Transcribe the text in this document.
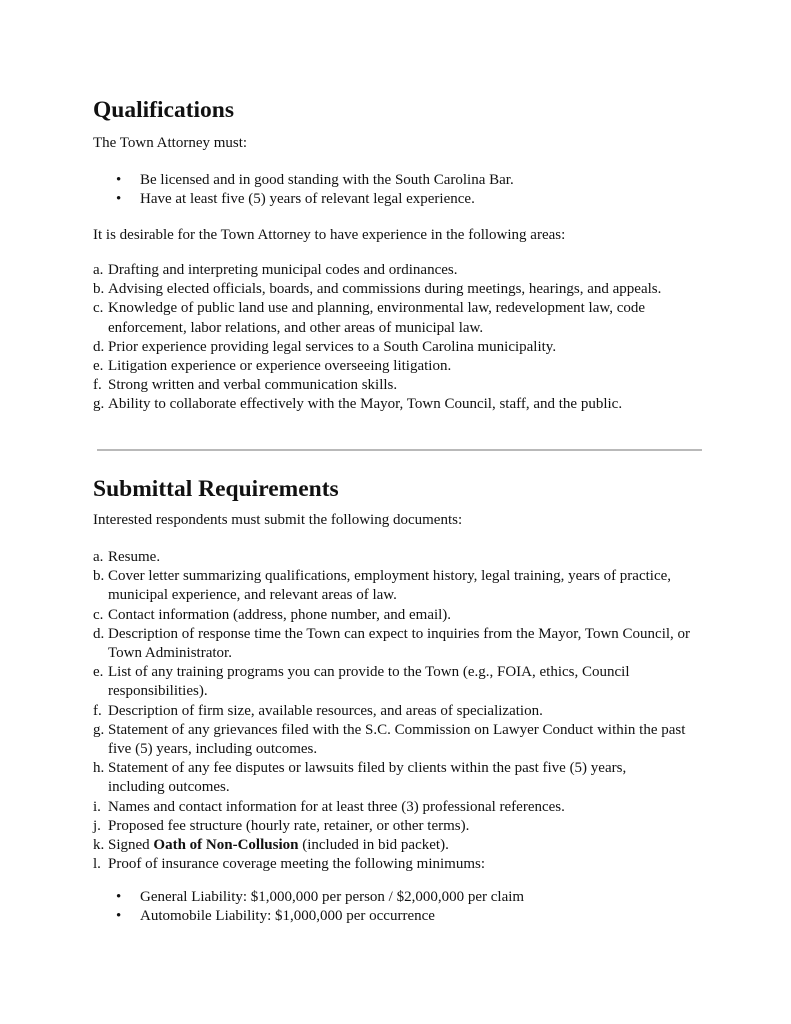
Qualifications

The Town Attorney must:

• Be licensed and in good standing with the South Carolina Bar.
• Have at least five (5) years of relevant legal experience.

It is desirable for the Town Attorney to have experience in the following areas:

a. Drafting and interpreting municipal codes and ordinances.
b. Advising elected officials, boards, and commissions during meetings, hearings, and appeals.
c. Knowledge of public land use and planning, environmental law, redevelopment law, code enforcement, labor relations, and other areas of municipal law.
d. Prior experience providing legal services to a South Carolina municipality.
e. Litigation experience or experience overseeing litigation.
f. Strong written and verbal communication skills.
g. Ability to collaborate effectively with the Mayor, Town Council, staff, and the public.
Submittal Requirements

Interested respondents must submit the following documents:

a. Resume.
b. Cover letter summarizing qualifications, employment history, legal training, years of practice, municipal experience, and relevant areas of law.
c. Contact information (address, phone number, and email).
d. Description of response time the Town can expect to inquiries from the Mayor, Town Council, or Town Administrator.
e. List of any training programs you can provide to the Town (e.g., FOIA, ethics, Council responsibilities).
f. Description of firm size, available resources, and areas of specialization.
g. Statement of any grievances filed with the S.C. Commission on Lawyer Conduct within the past five (5) years, including outcomes.
h. Statement of any fee disputes or lawsuits filed by clients within the past five (5) years, including outcomes.
i. Names and contact information for at least three (3) professional references.
j. Proposed fee structure (hourly rate, retainer, or other terms).
k. Signed Oath of Non-Collusion (included in bid packet).
l. Proof of insurance coverage meeting the following minimums:
• General Liability: $1,000,000 per person / $2,000,000 per claim
• Automobile Liability: $1,000,000 per occurrence
